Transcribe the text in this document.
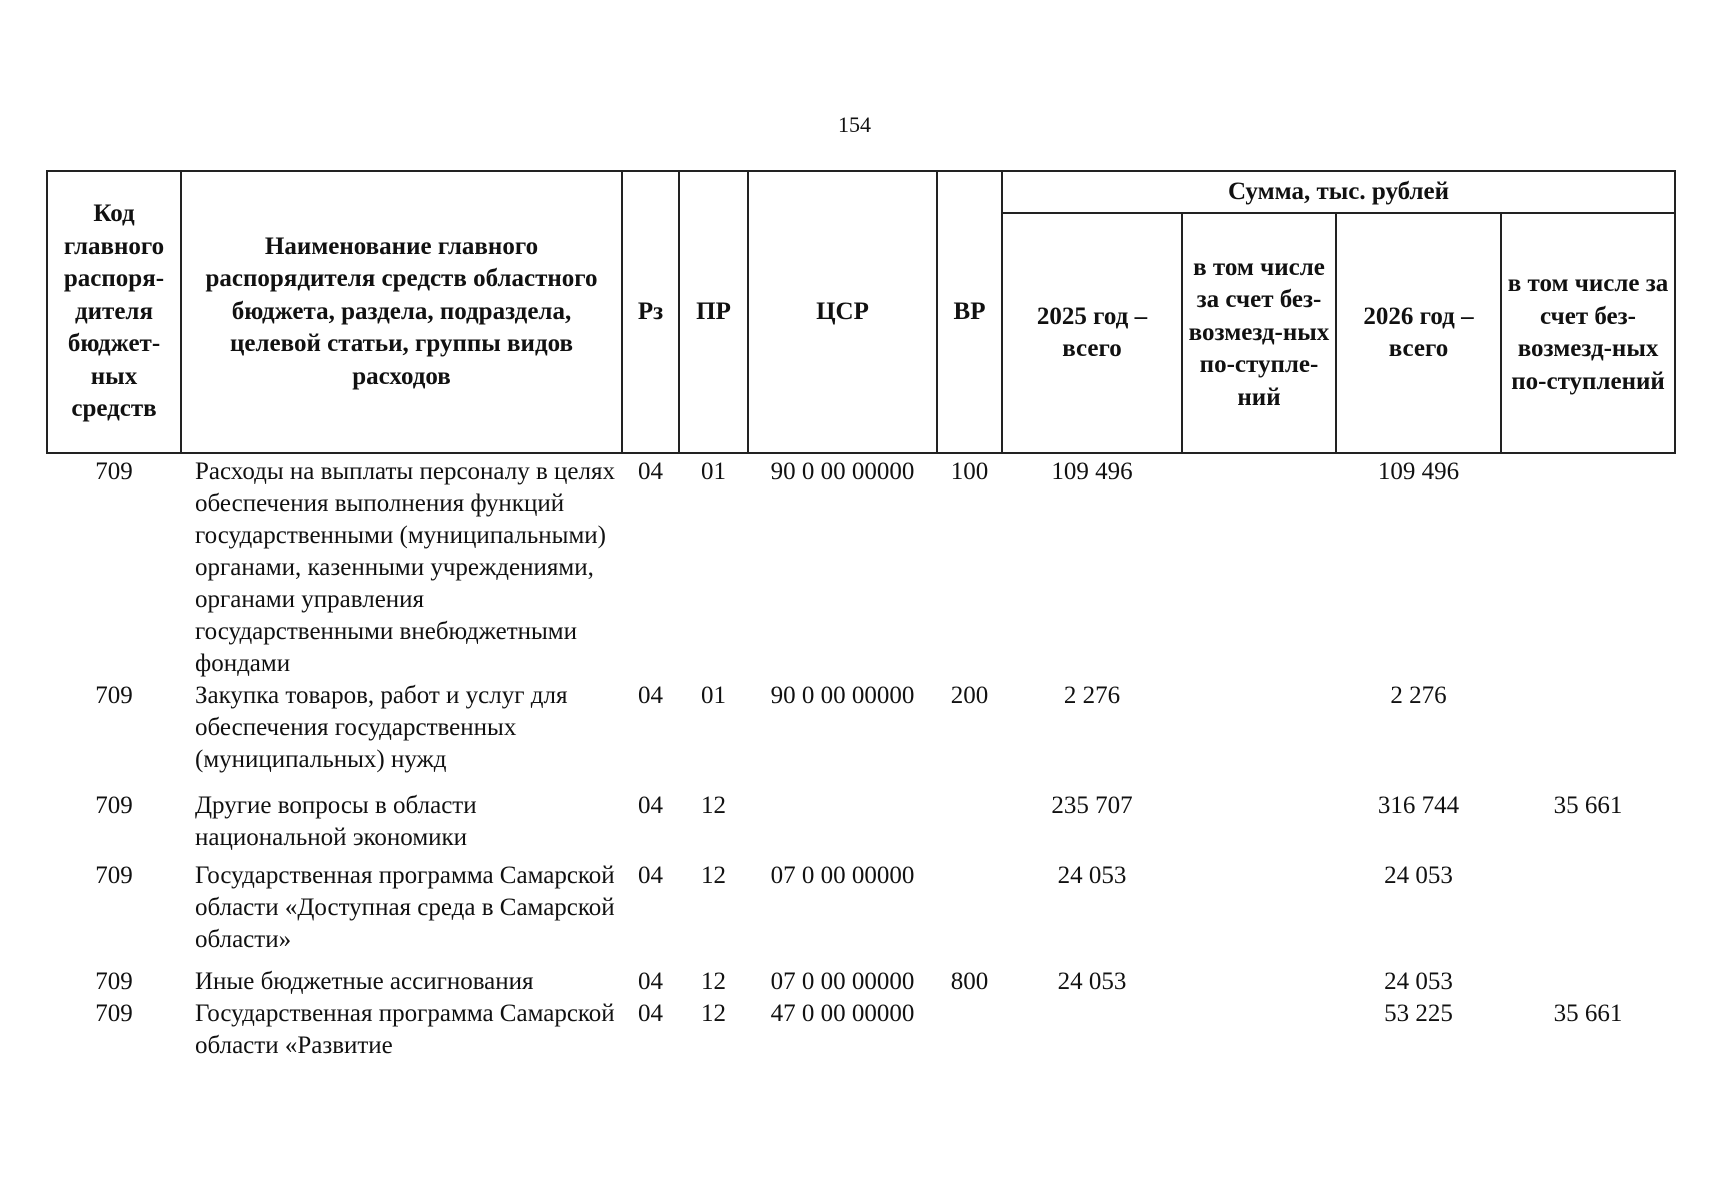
154
Код главного распоря-дителя бюджет-ных средств	Наименование главного распорядителя средств областного бюджета, раздела, подраздела, целевой статьи, группы видов расходов	Рз	ПР	ЦСР	ВР	Сумма, тыс. рублей			
						2025 год – всего	в том числе за счет без-возмезд-ных по-ступле-ний	2026 год – всего	в том числе за счет без-возмезд-ных по-ступлений
709	Расходы на выплаты персоналу в целях обеспечения выполнения функций государственными (муниципальными) органами, казенными учреждениями, органами управления государственными внебюджетными фондами	04	01	90 0 00 00000	100	109 496		109 496	
709	Закупка товаров, работ и услуг для обеспечения государственных (муниципальных) нужд	04	01	90 0 00 00000	200	2 276		2 276	
709	Другие вопросы в области национальной экономики	04	12			235 707		316 744	35 661
709	Государственная программа Самарской области «Доступная среда в Самарской области»	04	12	07 0 00 00000		24 053		24 053	
709	Иные бюджетные ассигнования	04	12	07 0 00 00000	800	24 053		24 053	
709	Государственная программа Самарской области «Развитие	04	12	47 0 00 00000				53 225	35 661
